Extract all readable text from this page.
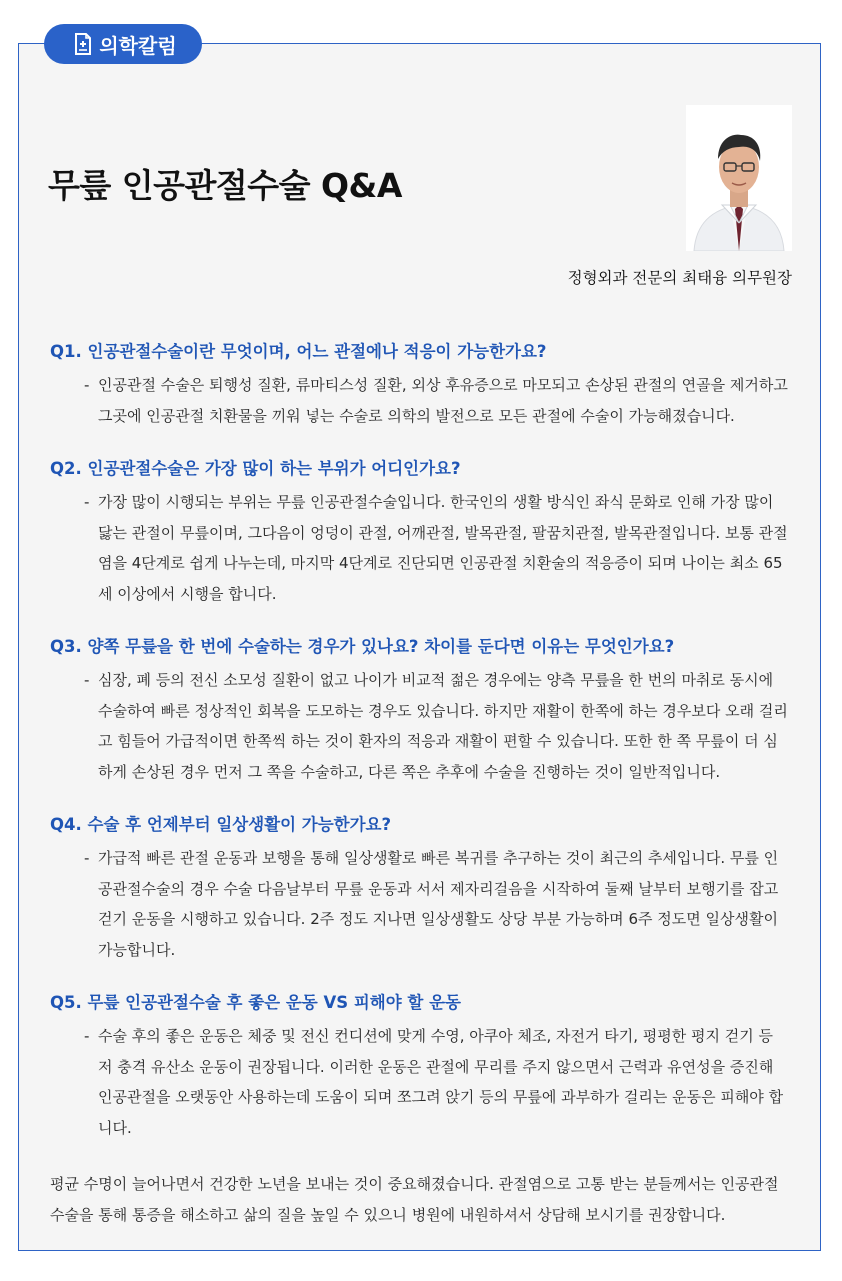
의학칼럼
무릎 인공관절수술 Q&A

정형외과 전문의 최태융 의무원장

Q1. 인공관절수술이란 무엇이며, 어느 관절에나 적응이 가능한가요?

- 인공관절 수술은 퇴행성 질환, 류마티스성 질환, 외상 후유증으로 마모되고 손상된 관절의 연골을 제거하고 그곳에 인공관절 치환물을 끼워 넣는 수술로 의학의 발전으로 모든 관절에 수술이 가능해졌습니다.

Q2. 인공관절수술은 가장 많이 하는 부위가 어디인가요?

- 가장 많이 시행되는 부위는 무릎 인공관절수술입니다. 한국인의 생활 방식인 좌식 문화로 인해 가장 많이 닳는 관절이 무릎이며, 그다음이 엉덩이 관절, 어깨관절, 발목관절, 팔꿈치관절, 발목관절입니다. 보통 관절염을 4단계로 쉽게 나누는데, 마지막 4단계로 진단되면 인공관절 치환술의 적응증이 되며 나이는 최소 65세 이상에서 시행을 합니다.

Q3. 양쪽 무릎을 한 번에 수술하는 경우가 있나요? 차이를 둔다면 이유는 무엇인가요?

- 심장, 폐 등의 전신 소모성 질환이 없고 나이가 비교적 젊은 경우에는 양측 무릎을 한 번의 마취로 동시에 수술하여 빠른 정상적인 회복을 도모하는 경우도 있습니다. 하지만 재활이 한쪽에 하는 경우보다 오래 걸리고 힘들어 가급적이면 한쪽씩 하는 것이 환자의 적응과 재활이 편할 수 있습니다. 또한 한 쪽 무릎이 더 심하게 손상된 경우 먼저 그 쪽을 수술하고, 다른 쪽은 추후에 수술을 진행하는 것이 일반적입니다.

Q4. 수술 후 언제부터 일상생활이 가능한가요?

- 가급적 빠른 관절 운동과 보행을 통해 일상생활로 빠른 복귀를 추구하는 것이 최근의 추세입니다. 무릎 인공관절수술의 경우 수술 다음날부터 무릎 운동과 서서 제자리걸음을 시작하여 둘째 날부터 보행기를 잡고 걷기 운동을 시행하고 있습니다. 2주 정도 지나면 일상생활도 상당 부분 가능하며 6주 정도면 일상생활이 가능합니다.

Q5. 무릎 인공관절수술 후 좋은 운동 VS 피해야 할 운동

- 수술 후의 좋은 운동은 체중 및 전신 컨디션에 맞게 수영, 아쿠아 체조, 자전거 타기, 평평한 평지 걷기 등 저 충격 유산소 운동이 권장됩니다. 이러한 운동은 관절에 무리를 주지 않으면서 근력과 유연성을 증진해 인공관절을 오랫동안 사용하는데 도움이 되며 쪼그려 앉기 등의 무릎에 과부하가 걸리는 운동은 피해야 합니다.

평균 수명이 늘어나면서 건강한 노년을 보내는 것이 중요해졌습니다. 관절염으로 고통 받는 분들께서는 인공관절 수술을 통해 통증을 해소하고 삶의 질을 높일 수 있으니 병원에 내원하셔서 상담해 보시기를 권장합니다.
